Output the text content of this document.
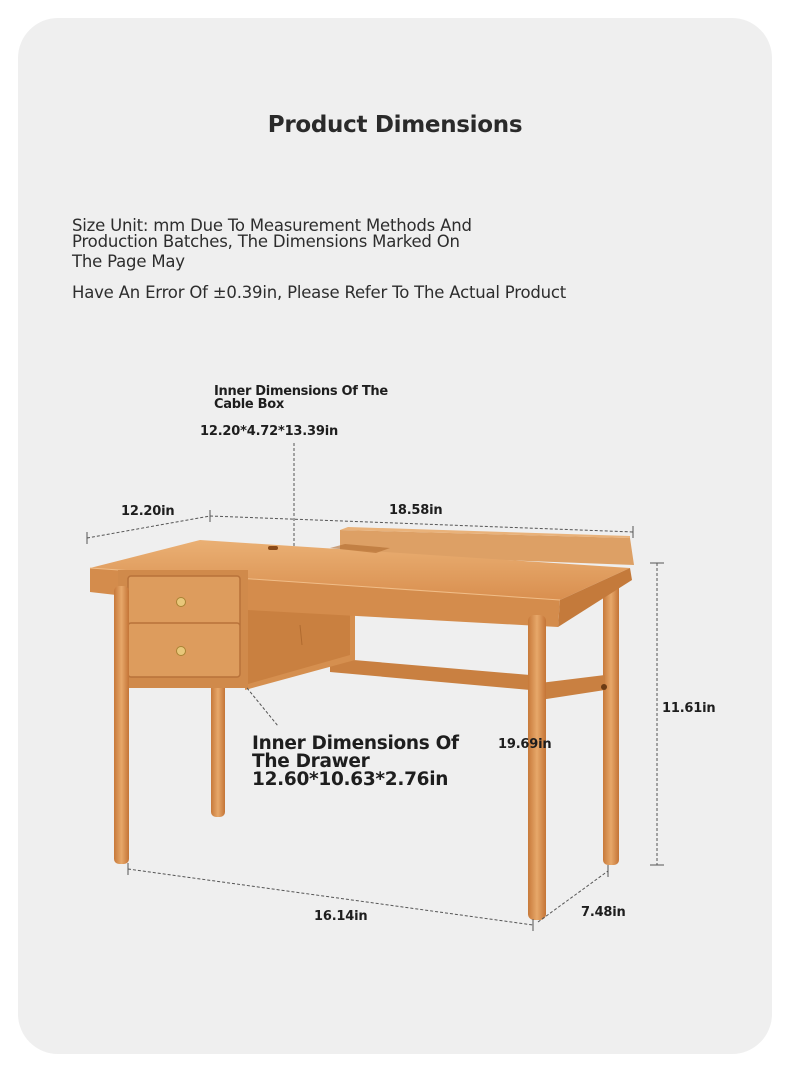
Product Dimensions
Size Unit: mm Due To Measurement Methods And
Production Batches, The Dimensions Marked On
The Page May
Have An Error Of ±0.39in, Please Refer To The Actual Product
Inner Dimensions Of The
Cable Box
12.20*4.72*13.39in
12.20in	18.58in
11.61in
19.69in
16.14in	7.48in
Inner Dimensions Of
The Drawer
12.60*10.63*2.76in
